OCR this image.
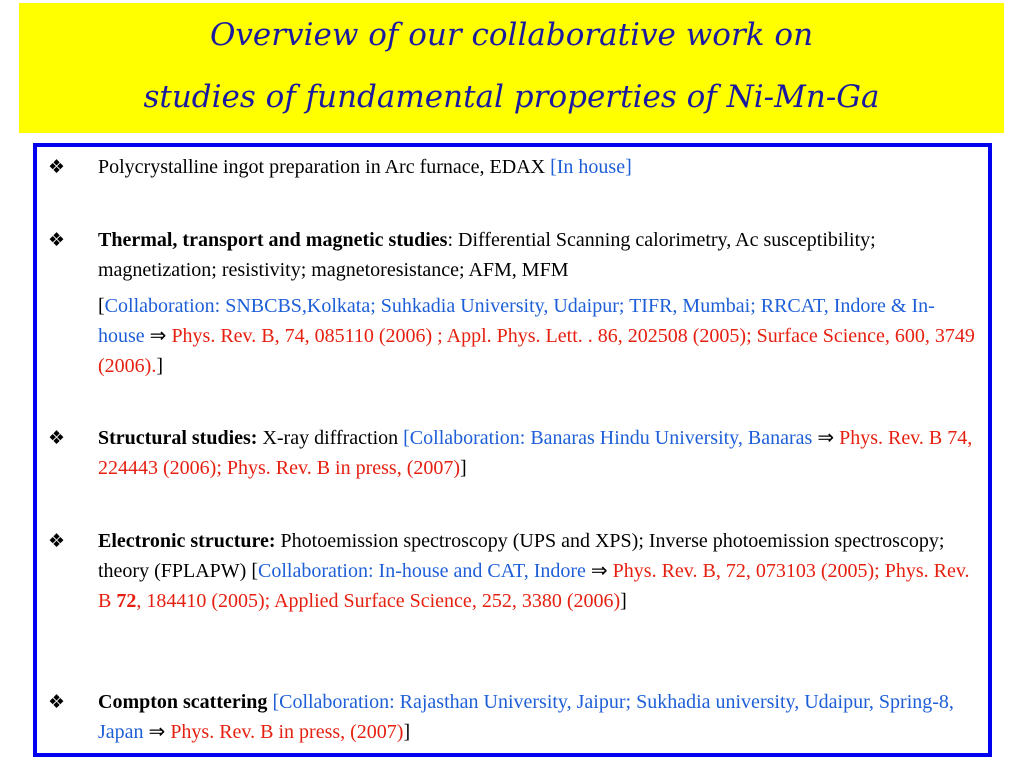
Overview of our collaborative work on
studies of fundamental properties of Ni-Mn-Ga
❖ Polycrystalline ingot preparation in Arc furnace, EDAX [In house]
❖ Thermal, transport and magnetic studies: Differential Scanning calorimetry, Ac susceptibility; magnetization; resistivity; magnetoresistance; AFM, MFM
[Collaboration: SNBCBS,Kolkata; Suhkadia University, Udaipur; TIFR, Mumbai; RRCAT, Indore & In-house ⇒ Phys. Rev. B, 74, 085110 (2006) ; Appl. Phys. Lett. . 86, 202508 (2005); Surface Science, 600, 3749 (2006).]
❖ Structural studies: X-ray diffraction [Collaboration: Banaras Hindu University, Banaras ⇒ Phys. Rev. B 74, 224443 (2006); Phys. Rev. B in press, (2007)]
❖ Electronic structure: Photoemission spectroscopy (UPS and XPS); Inverse photoemission spectroscopy; theory (FPLAPW) [Collaboration: In-house and CAT, Indore ⇒ Phys. Rev. B, 72, 073103 (2005); Phys. Rev. B 72, 184410 (2005); Applied Surface Science, 252, 3380 (2006)]
❖ Compton scattering [Collaboration: Rajasthan University, Jaipur; Sukhadia university, Udaipur, Spring-8, Japan ⇒ Phys. Rev. B in press, (2007)]
